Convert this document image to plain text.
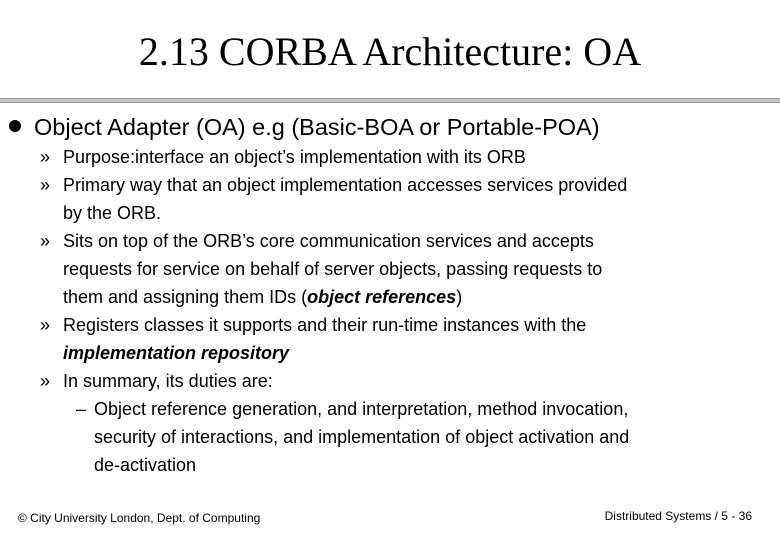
2.13 CORBA Architecture: OA
Object Adapter (OA) e.g (Basic-BOA or Portable-POA)
» Purpose:interface an object’s implementation with its ORB
» Primary way that an object implementation accesses services provided
by the ORB.
» Sits on top of the ORB’s core communication services and accepts
requests for service on behalf of server objects, passing requests to
them and assigning them IDs (object references)
» Registers classes it supports and their run-time instances with the
implementation repository
» In summary, its duties are:
– Object reference generation, and interpretation, method invocation,
security of interactions, and implementation of object activation and
de-activation
© City University London, Dept. of Computing	Distributed Systems / 5 - 36
